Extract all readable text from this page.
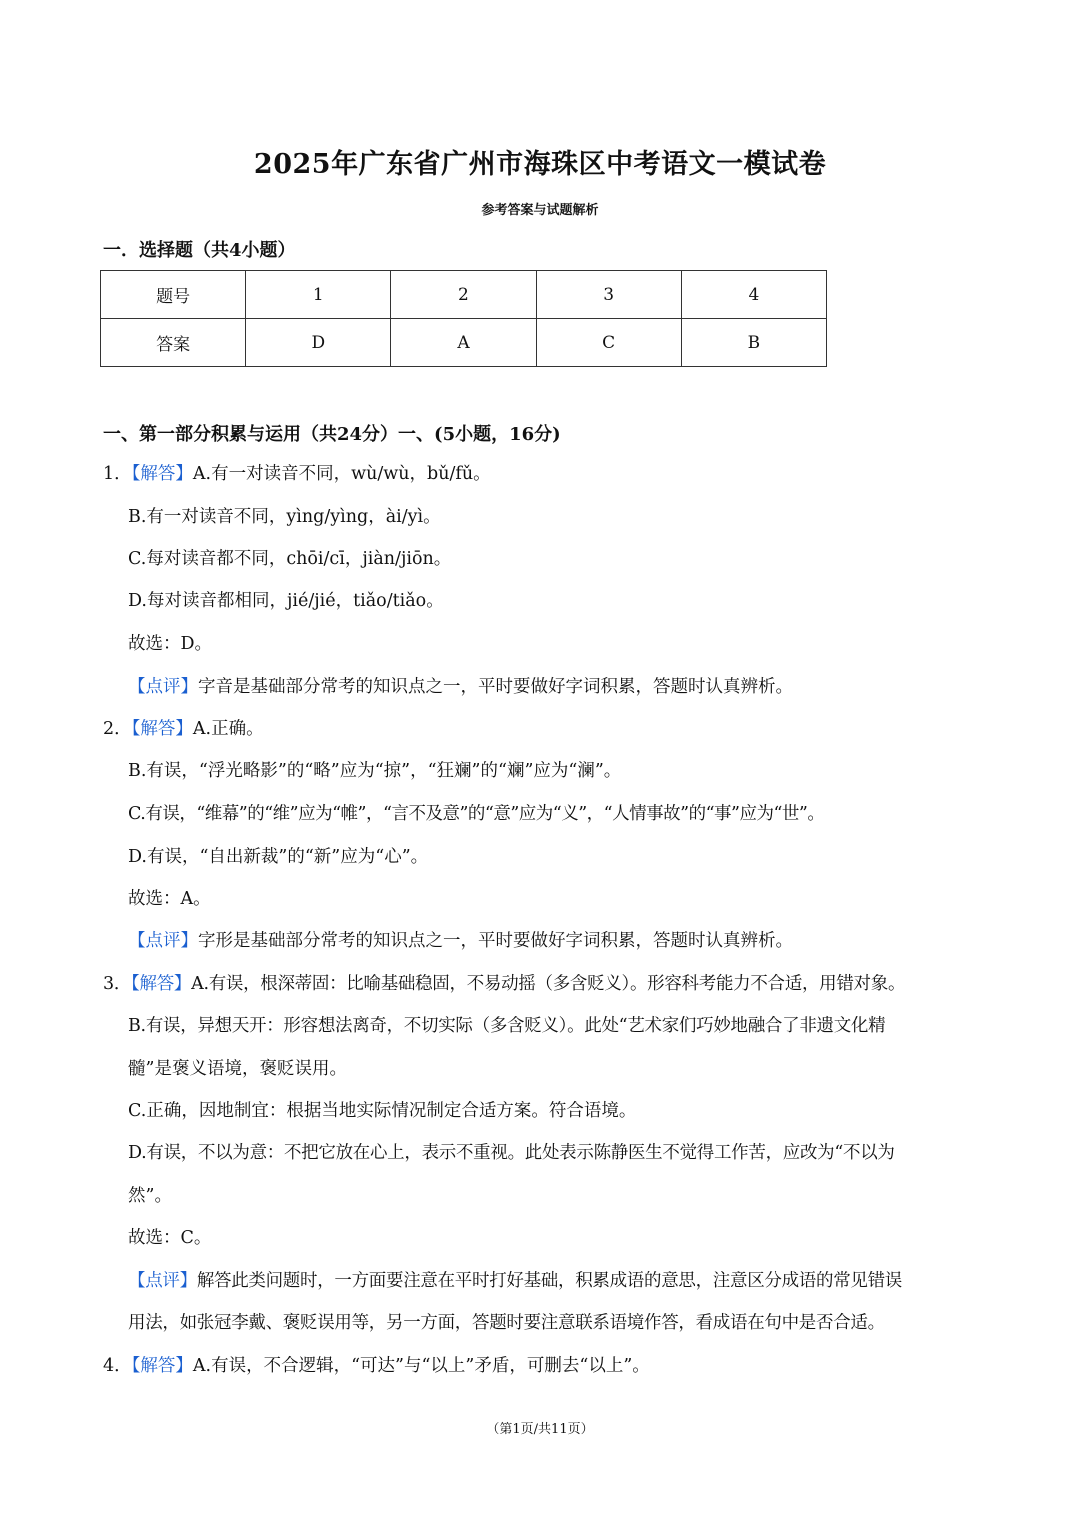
2025年广东省广州市海珠区中考语文一模试卷
参考答案与试题解析
一．选择题（共4小题）
题号	1	2	3	4
答案	D	A	C	B
一、第一部分积累与运用（共24分）一、(5小题，16分)
1．【解答】A.有一对读音不同，wù/wù，bǔ/fǔ。
B.有一对读音不同，yìng/yìng，ài/yì。
C.每对读音都不同，chōi/cī，jiàn/jiōn。
D.每对读音都相同，jié/jié，tiǎo/tiǎo。
故选：D。
【点评】字音是基础部分常考的知识点之一，平时要做好字词积累，答题时认真辨析。
2．【解答】A.正确。
B.有误，“浮光略影”的“略”应为“掠”，“狂斓”的“斓”应为“澜”。
C.有误，“维幕”的“维”应为“帷”，“言不及意”的“意”应为“义”，“人情事故”的“事”应为“世”。
D.有误，“自出新裁”的“新”应为“心”。
故选：A。
【点评】字形是基础部分常考的知识点之一，平时要做好字词积累，答题时认真辨析。
3．【解答】A.有误，根深蒂固：比喻基础稳固，不易动摇（多含贬义）。形容科考能力不合适，用错对象。
B.有误，异想天开：形容想法离奇，不切实际（多含贬义）。此处“艺术家们巧妙地融合了非遗文化精
髓”是褒义语境，褒贬误用。
C.正确，因地制宜：根据当地实际情况制定合适方案。符合语境。
D.有误，不以为意：不把它放在心上，表示不重视。此处表示陈静医生不觉得工作苦，应改为“不以为
然”。
故选：C。
【点评】解答此类问题时，一方面要注意在平时打好基础，积累成语的意思，注意区分成语的常见错误
用法，如张冠李戴、褒贬误用等，另一方面，答题时要注意联系语境作答，看成语在句中是否合适。
4．【解答】A.有误，不合逻辑，“可达”与“以上”矛盾，可删去“以上”。
（第1页/共11页）
